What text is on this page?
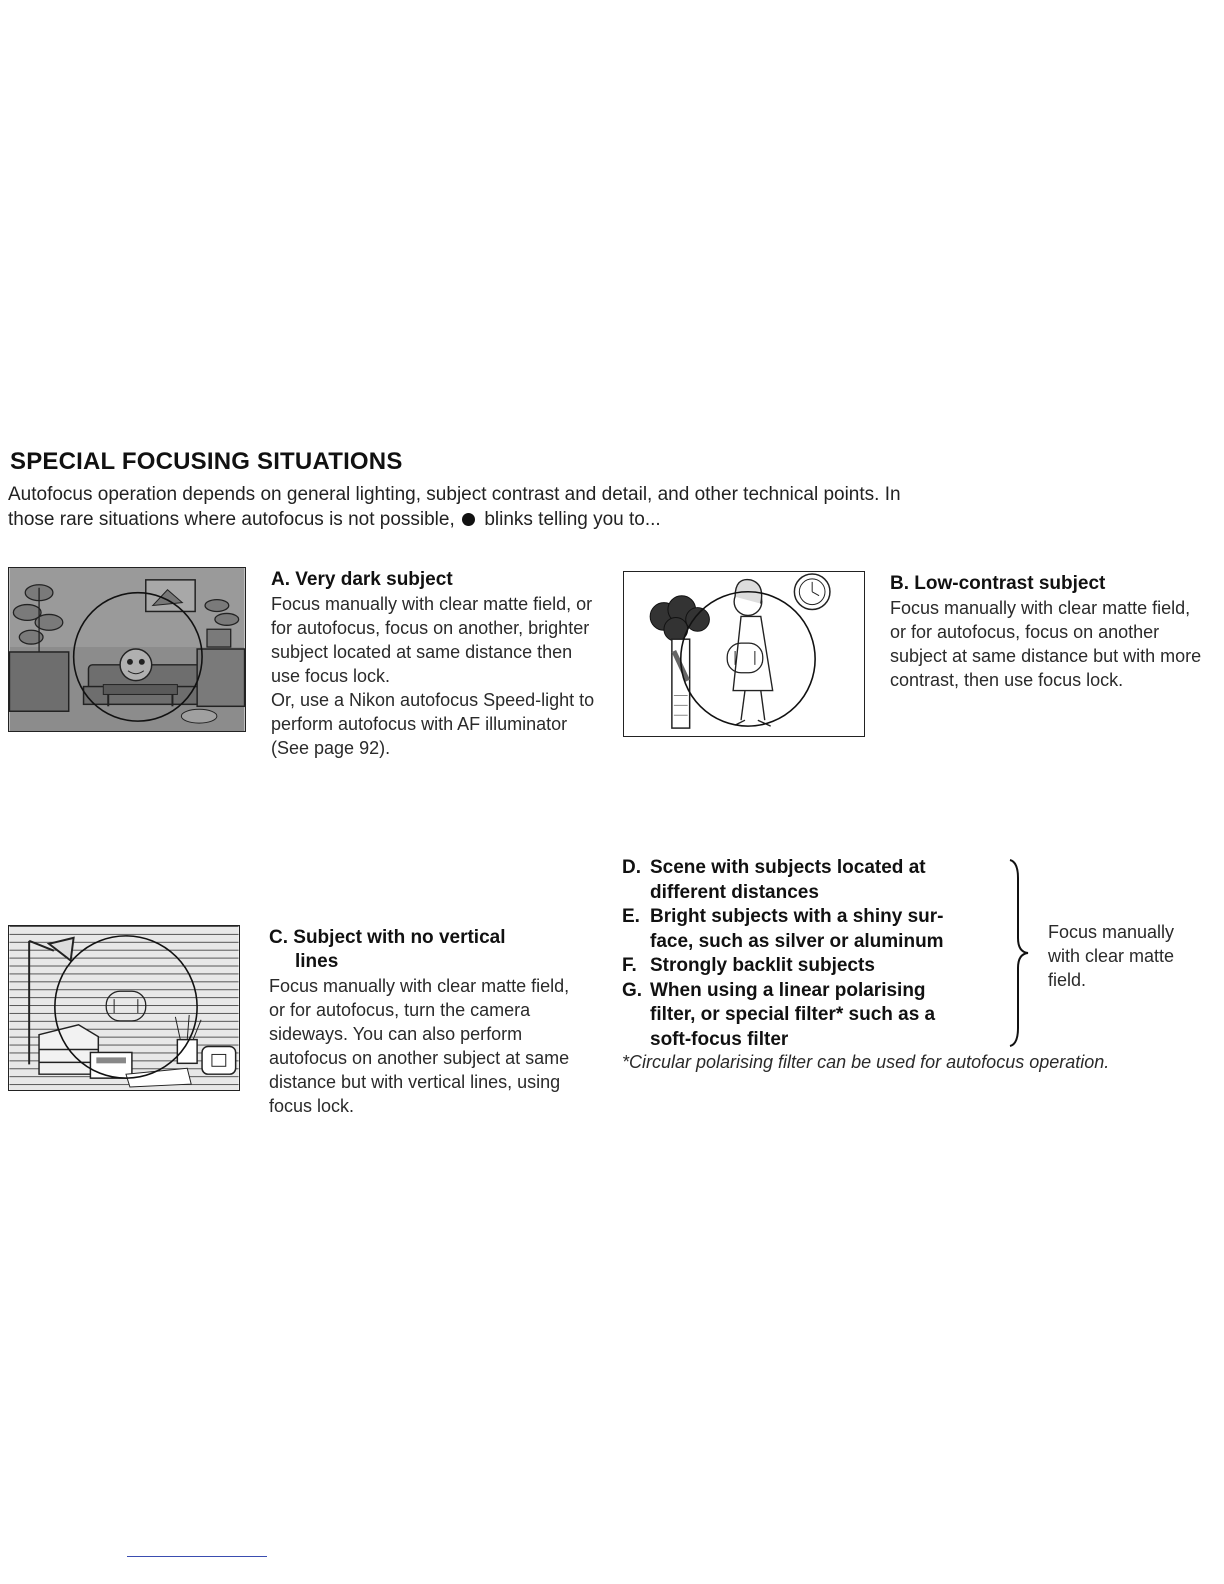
SPECIAL FOCUSING SITUATIONS

Autofocus operation depends on general lighting, subject contrast and detail, and other technical points. In those rare situations where autofocus is not possible, blinks telling you to...

A. Very dark subject

Focus manually with clear matte field, or for autofocus, focus on another, brighter subject located at same distance then use focus lock.

Or, use a Nikon autofocus Speed-light to perform autofocus with AF illuminator (See page 92).

B. Low-contrast subject

Focus manually with clear matte field, or for autofocus, focus on another subject at same distance but with more contrast, then use focus lock.

C. Subject with no vertical
lines

Focus manually with clear matte field, or for autofocus, turn the camera sideways. You can also perform autofocus on another subject at same distance but with vertical lines, using focus lock.

D. Scene with subjects located at
different distances
E. Bright subjects with a shiny sur-
face, such as silver or aluminum
F. Strongly backlit subjects
G. When using a linear polarising
filter, or special filter* such as a
soft-focus filter

Focus manually with clear matte field.

*Circular polarising filter can be used for autofocus operation.
